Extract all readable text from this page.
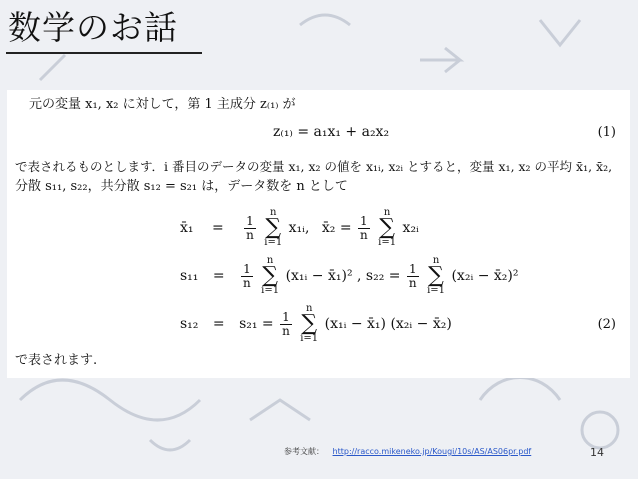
数学のお話
元の変量 x₁, x₂ に対して，第 1 主成分 z₍₁₎ が
z₍₁₎ = a₁x₁ + a₂x₂	(1)
で表されるものとします．i 番目のデータの変量 x₁, x₂ の値を x₁ᵢ, x₂ᵢ とすると，変量 x₁, x₂ の平均 x̄₁, x̄₂,
分散 s₁₁, s₂₂，共分散 s₁₂ = s₂₁ は，データ数を n として
x̄₁ = $\frac{1}{n}$
n
∑
i=1 x₁ᵢ, x̄₂ = $\frac{1}{n}$
n
∑
i=1 x₂ᵢ
$s_{11} = \frac{1}{n}$
n
∑
i=1 (x₁ᵢ − x̄₁)² , $s_{22} = \frac{1}{n}$
n
∑
i=1 (x₂ᵢ − x̄₂)²
$s_{12} = s_{21} = \frac{1}{n}$
n
∑
i=1 (x₁ᵢ − x̄₁) (x₂ᵢ − x̄₂)	(2)
で表されます.
参考文献： http://racco.mikeneko.jp/Kougi/10s/AS/AS06pr.pdf	14
